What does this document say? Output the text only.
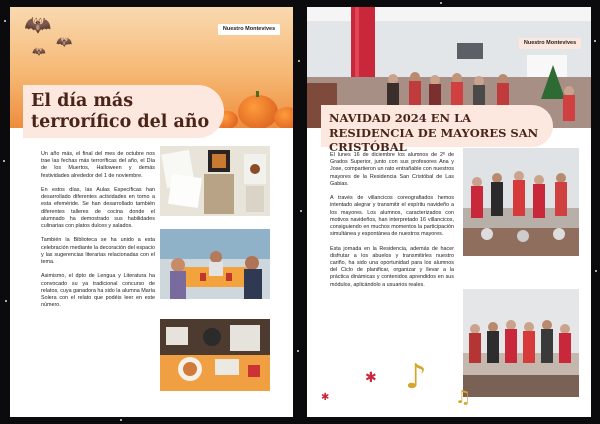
🦇
🦇
🦇
Nuestro Montevives
El día más terrorífico del año

Un año más, el final del mes de octubre nos trae las fechas más terroríficas del año, el Día de los Muertos, Halloween y demás festividades alrededor del 1 de noviembre.

En estos días, las Aulas Específicas han desarrollado diferentes actividades en torno a esta efeméride. Se han desarrollado también diferentes talleres de cocina donde el alumnado ha demostrado sus habilidades culinarias con platos dulces y salados.

También la Biblioteca se ha unido a esta celebración mediante la decoración del espacio y las sugerencias literarias relacionadas con el tema.

Asimismo, el dpto de Lengua y Literatura ha convocado su ya tradicional concurso de relatos, cuya ganadora ha sido la alumna María Solera con el relato que podéis leer en este número.

Nuestro Montevives
NAVIDAD 2024 EN LA RESIDENCIA DE MAYORES SAN CRISTÓBAL

El lunes 16 de diciembre los alumnos de 2º de Grados Superior, junto con sus profesores Ana y Jose, compartieron un rato entrañable con nuestros mayores de la Residencia San Cristóbal de Las Gabias.

A través de villancicos coreografiados hemos intentado alegrar y transmitir el espíritu navideño a los mayores. Los alumnos, caracterizados con motivos navideños, han interpretado 16 villancicos, consiguiendo en muchos momentos la participación simultánea y espontánea de nuestros mayores.

Esta jornada en la Residencia, además de hacer disfrutar a los abuelos y transmitirles nuestro cariño, ha sido una oportunidad para los alumnos del Ciclo de planificar, organizar y llevar a la práctica dinámicas y contenidos aprendidos en sus módulos, aplicándolo a usuarios reales.

♪
✱
♫
✱
